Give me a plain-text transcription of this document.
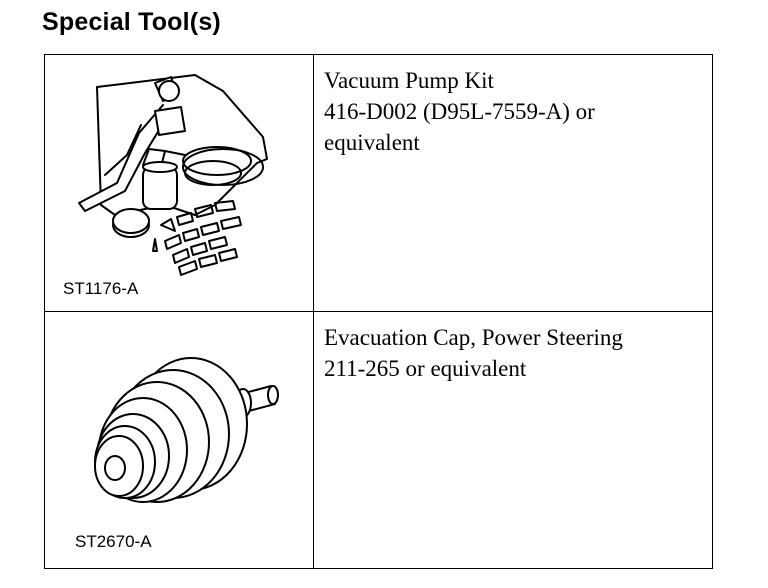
Special Tool(s)
ST1176-A	Vacuum Pump Kit
416-D002 (D95L-7559-A) or
equivalent

ST2670-A	Evacuation Cap, Power Steering
211-265 or equivalent
